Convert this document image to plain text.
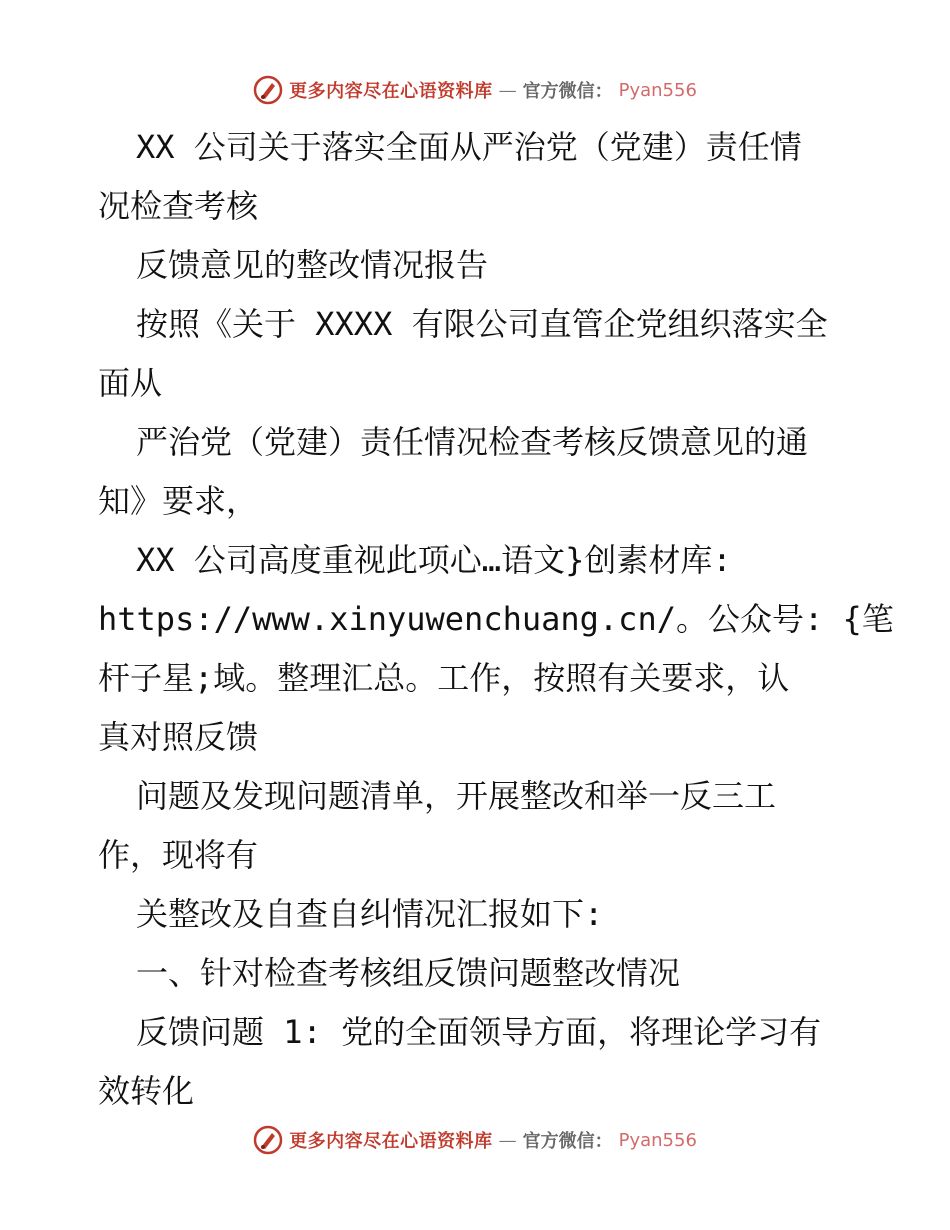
更多内容尽在心语资料库 — 官方微信： Pyan556

XX 公司关于落实全面从严治党（党建）责任情

况检查考核

反馈意见的整改情况报告

按照《关于 XXXX 有限公司直管企党组织落实全

面从

严治党（党建）责任情况检查考核反馈意见的通

知》要求，

XX 公司高度重视此项心…语文}创素材库:

https://www.xinyuwenchuang.cn/。公众号: {笔

杆子星;域。整理汇总。工作，按照有关要求，认

真对照反馈

问题及发现问题清单，开展整改和举一反三工

作，现将有

关整改及自查自纠情况汇报如下:

一、针对检查考核组反馈问题整改情况

反馈问题 1: 党的全面领导方面，将理论学习有

效转化

更多内容尽在心语资料库 — 官方微信： Pyan556
